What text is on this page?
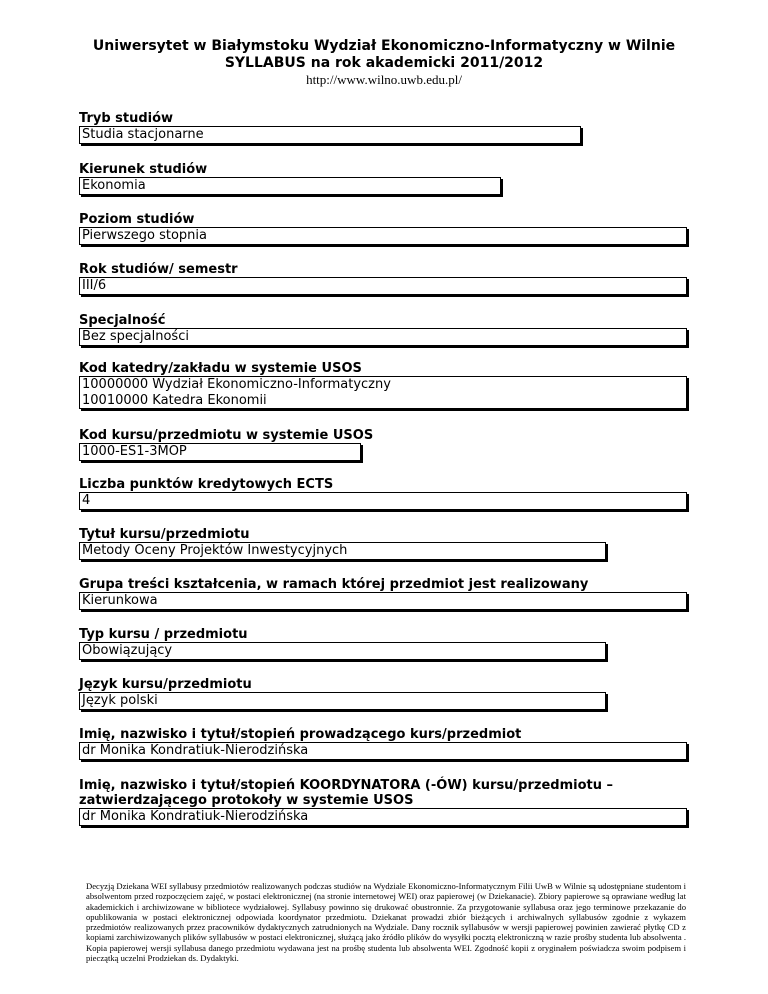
Uniwersytet w Białymstoku Wydział Ekonomiczno-Informatyczny w Wilnie
SYLLABUS na rok akademicki 2011/2012
http://www.wilno.uwb.edu.pl/
Tryb studiów
Studia stacjonarne
Kierunek studiów
Ekonomia
Poziom studiów
Pierwszego stopnia
Rok studiów/ semestr
III/6
Specjalność
Bez specjalności
Kod katedry/zakładu w systemie USOS
10000000 Wydział Ekonomiczno-Informatyczny
10010000 Katedra Ekonomii
Kod kursu/przedmiotu w systemie USOS
1000-ES1-3MOP
Liczba punktów kredytowych ECTS
4
Tytuł kursu/przedmiotu
Metody Oceny Projektów Inwestycyjnych
Grupa treści kształcenia, w ramach której przedmiot jest realizowany
Kierunkowa
Typ kursu / przedmiotu
Obowiązujący
Język kursu/przedmiotu
Język polski
Imię, nazwisko i tytuł/stopień prowadzącego kurs/przedmiot
dr Monika Kondratiuk-Nierodzińska
Imię, nazwisko i tytuł/stopień KOORDYNATORA (-ÓW) kursu/przedmiotu –
zatwierdzającego protokoły w systemie USOS
dr Monika Kondratiuk-Nierodzińska
Decyzją Dziekana WEI syllabusy przedmiotów realizowanych podczas studiów na Wydziale Ekonomiczno-Informatycznym Filii UwB w Wilnie są udostępniane studentom i absolwentom przed rozpoczęciem zajęć, w postaci elektronicznej (na stronie internetowej WEI) oraz papierowej (w Dziekanacie). Zbiory papierowe są oprawiane według lat akademickich i archiwizowane w bibliotece wydziałowej. Syllabusy powinno się drukować obustronnie. Za przygotowanie syllabusa oraz jego terminowe przekazanie do opublikowania w postaci elektronicznej odpowiada koordynator przedmiotu. Dziekanat prowadzi zbiór bieżących i archiwalnych syllabusów zgodnie z wykazem przedmiotów realizowanych przez pracowników dydaktycznych zatrudnionych na Wydziale. Dany rocznik syllabusów w wersji papierowej powinien zawierać płytkę CD z kopiami zarchiwizowanych plików syllabusów w postaci elektronicznej, służącą jako źródło plików do wysyłki pocztą elektroniczną w razie prośby studenta lub absolwenta . Kopia papierowej wersji syllabusa danego przedmiotu wydawana jest na prośbę studenta lub absolwenta WEI. Zgodność kopii z oryginałem poświadcza swoim podpisem i pieczątką uczelni Prodziekan ds. Dydaktyki.
